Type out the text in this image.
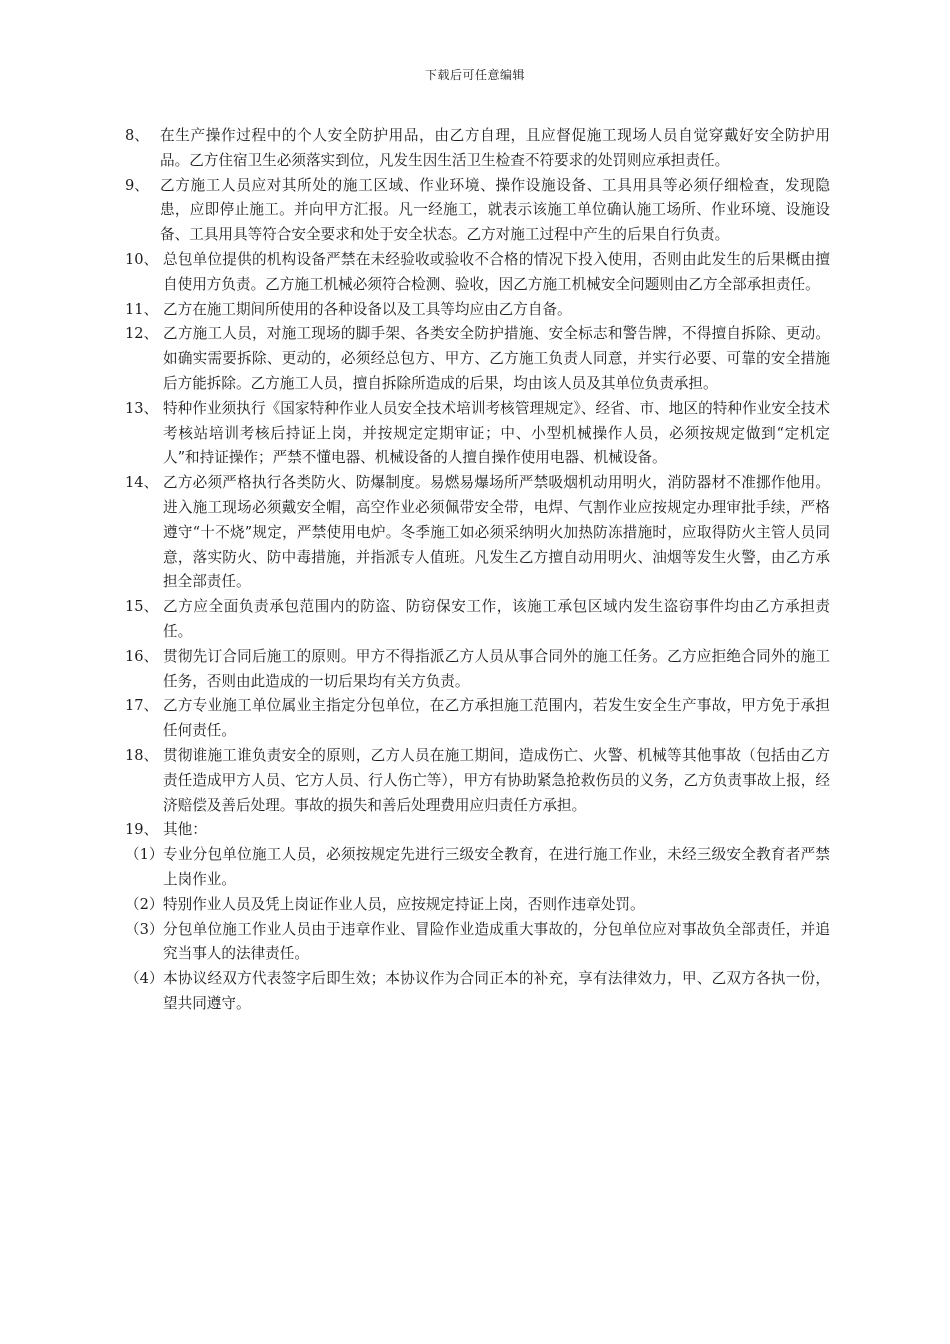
下载后可任意编辑
8、 在生产操作过程中的个人安全防护用品，由乙方自理，且应督促施工现场人员自觉穿戴好安全防护用品。乙方住宿卫生必须落实到位，凡发生因生活卫生检查不符要求的处罚则应承担责任。
9、 乙方施工人员应对其所处的施工区域、作业环境、操作设施设备、工具用具等必须仔细检查，发现隐患，应即停止施工。并向甲方汇报。凡一经施工，就表示该施工单位确认施工场所、作业环境、设施设备、工具用具等符合安全要求和处于安全状态。乙方对施工过程中产生的后果自行负责。
10、 总包单位提供的机构设备严禁在未经验收或验收不合格的情况下投入使用，否则由此发生的后果概由擅自使用方负责。乙方施工机械必须符合检测、验收，因乙方施工机械安全问题则由乙方全部承担责任。
11、 乙方在施工期间所使用的各种设备以及工具等均应由乙方自备。
12、 乙方施工人员，对施工现场的脚手架、各类安全防护措施、安全标志和警告牌，不得擅自拆除、更动。如确实需要拆除、更动的，必须经总包方、甲方、乙方施工负责人同意，并实行必要、可靠的安全措施后方能拆除。乙方施工人员，擅自拆除所造成的后果，均由该人员及其单位负责承担。
13、 特种作业须执行《国家特种作业人员安全技术培训考核管理规定》、经省、市、地区的特种作业安全技术考核站培训考核后持证上岗，并按规定定期审证；中、小型机械操作人员，必须按规定做到“定机定人”和持证操作；严禁不懂电器、机械设备的人擅自操作使用电器、机械设备。
14、 乙方必须严格执行各类防火、防爆制度。易燃易爆场所严禁吸烟机动用明火，消防器材不准挪作他用。进入施工现场必须戴安全帽，高空作业必须佩带安全带，电焊、气割作业应按规定办理审批手续，严格遵守“十不烧”规定，严禁使用电炉。冬季施工如必须采纳明火加热防冻措施时，应取得防火主管人员同意，落实防火、防中毒措施，并指派专人值班。凡发生乙方擅自动用明火、油烟等发生火警，由乙方承担全部责任。
15、 乙方应全面负责承包范围内的防盗、防窃保安工作，该施工承包区域内发生盗窃事件均由乙方承担责任。
16、 贯彻先订合同后施工的原则。甲方不得指派乙方人员从事合同外的施工任务。乙方应拒绝合同外的施工任务，否则由此造成的一切后果均有关方负责。
17、 乙方专业施工单位属业主指定分包单位，在乙方承担施工范围内，若发生安全生产事故，甲方免于承担任何责任。
18、 贯彻谁施工谁负责安全的原则，乙方人员在施工期间，造成伤亡、火警、机械等其他事故（包括由乙方责任造成甲方人员、它方人员、行人伤亡等），甲方有协助紧急抢救伤员的义务，乙方负责事故上报，经济赔偿及善后处理。事故的损失和善后处理费用应归责任方承担。
19、 其他：
（1） 专业分包单位施工人员，必须按规定先进行三级安全教育，在进行施工作业，未经三级安全教育者严禁上岗作业。
（2） 特别作业人员及凭上岗证作业人员，应按规定持证上岗，否则作违章处罚。
（3） 分包单位施工作业人员由于违章作业、冒险作业造成重大事故的，分包单位应对事故负全部责任，并追究当事人的法律责任。
（4） 本协议经双方代表签字后即生效；本协议作为合同正本的补充，享有法律效力，甲、乙双方各执一份，望共同遵守。
